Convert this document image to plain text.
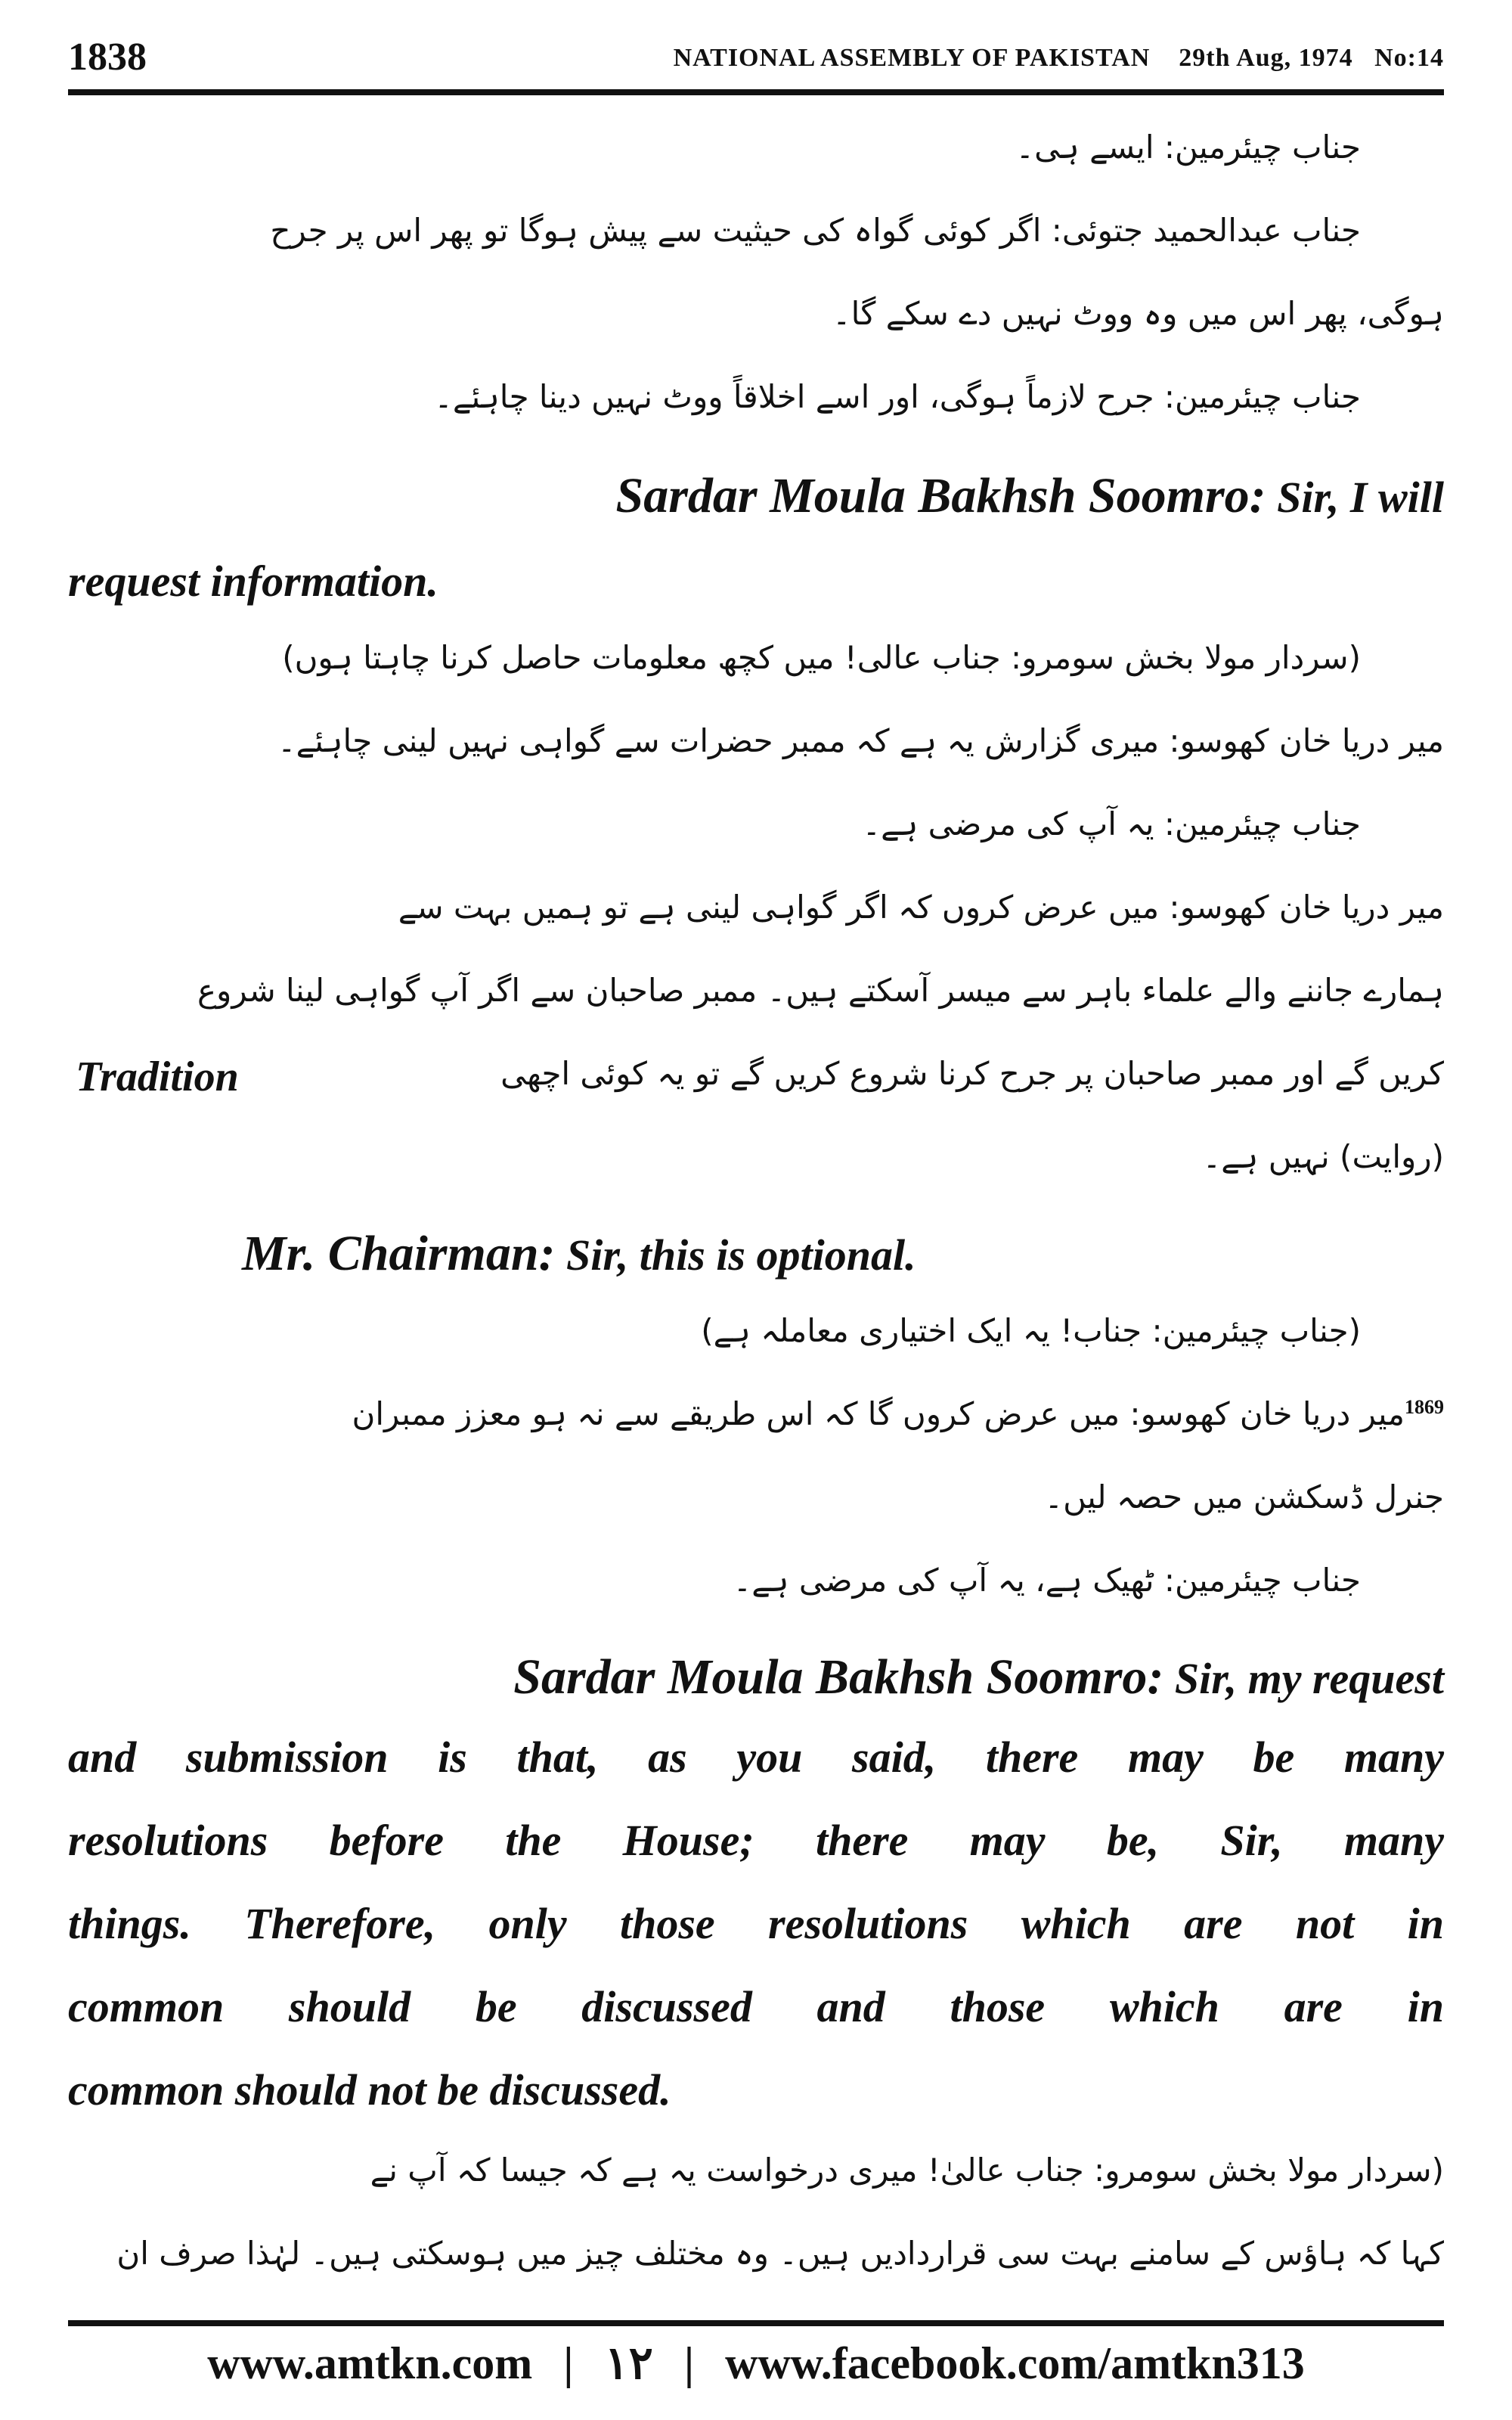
1838	NATIONAL ASSEMBLY OF PAKISTAN    29th Aug, 1974   No:14
جناب چیئرمین: ایسے ہی۔
جناب عبدالحمید جتوئی: اگر کوئی گواہ کی حیثیت سے پیش ہوگا تو پھر اس پر جرح
ہوگی، پھر اس میں وہ ووٹ نہیں دے سکے گا۔
جناب چیئرمین: جرح لازماً ہوگی، اور اسے اخلاقاً ووٹ نہیں دینا چاہئے۔
Sardar Moula Bakhsh Soomro: Sir, I will
request information.
(سردار مولا بخش سومرو: جناب عالی! میں کچھ معلومات حاصل کرنا چاہتا ہوں)
میر دریا خان کھوسو: میری گزارش یہ ہے کہ ممبر حضرات سے گواہی نہیں لینی چاہئے۔
جناب چیئرمین: یہ آپ کی مرضی ہے۔
میر دریا خان کھوسو: میں عرض کروں کہ اگر گواہی لینی ہے تو ہمیں بہت سے
ہمارے جاننے والے علماء باہر سے میسر آسکتے ہیں۔ ممبر صاحبان سے اگر آپ گواہی لینا شروع
کریں گے اور ممبر صاحبان پر جرح کرنا شروع کریں گے تو یہ کوئی اچھی
Tradition
(روایت) نہیں ہے۔
Mr. Chairman: Sir, this is optional.
(جناب چیئرمین: جناب! یہ ایک اختیاری معاملہ ہے)
1869میر دریا خان کھوسو: میں عرض کروں گا کہ اس طریقے سے نہ ہو معزز ممبران
جنرل ڈسکشن میں حصہ لیں۔
جناب چیئرمین: ٹھیک ہے، یہ آپ کی مرضی ہے۔
Sardar Moula Bakhsh Soomro: Sir, my request
and submission is that, as you said, there may be many
resolutions before the House; there may be, Sir, many
things. Therefore, only those resolutions which are not in
common should be discussed and those which are in
common should not be discussed.
(سردار مولا بخش سومرو: جناب عالیٰ! میری درخواست یہ ہے کہ جیسا کہ آپ نے
کہا کہ ہاؤس کے سامنے بہت سی قراردادیں ہیں۔ وہ مختلف چیز میں ہوسکتی ہیں۔ لہٰذا صرف ان
www.amtkn.com | ۱۲ | www.facebook.com/amtkn313
